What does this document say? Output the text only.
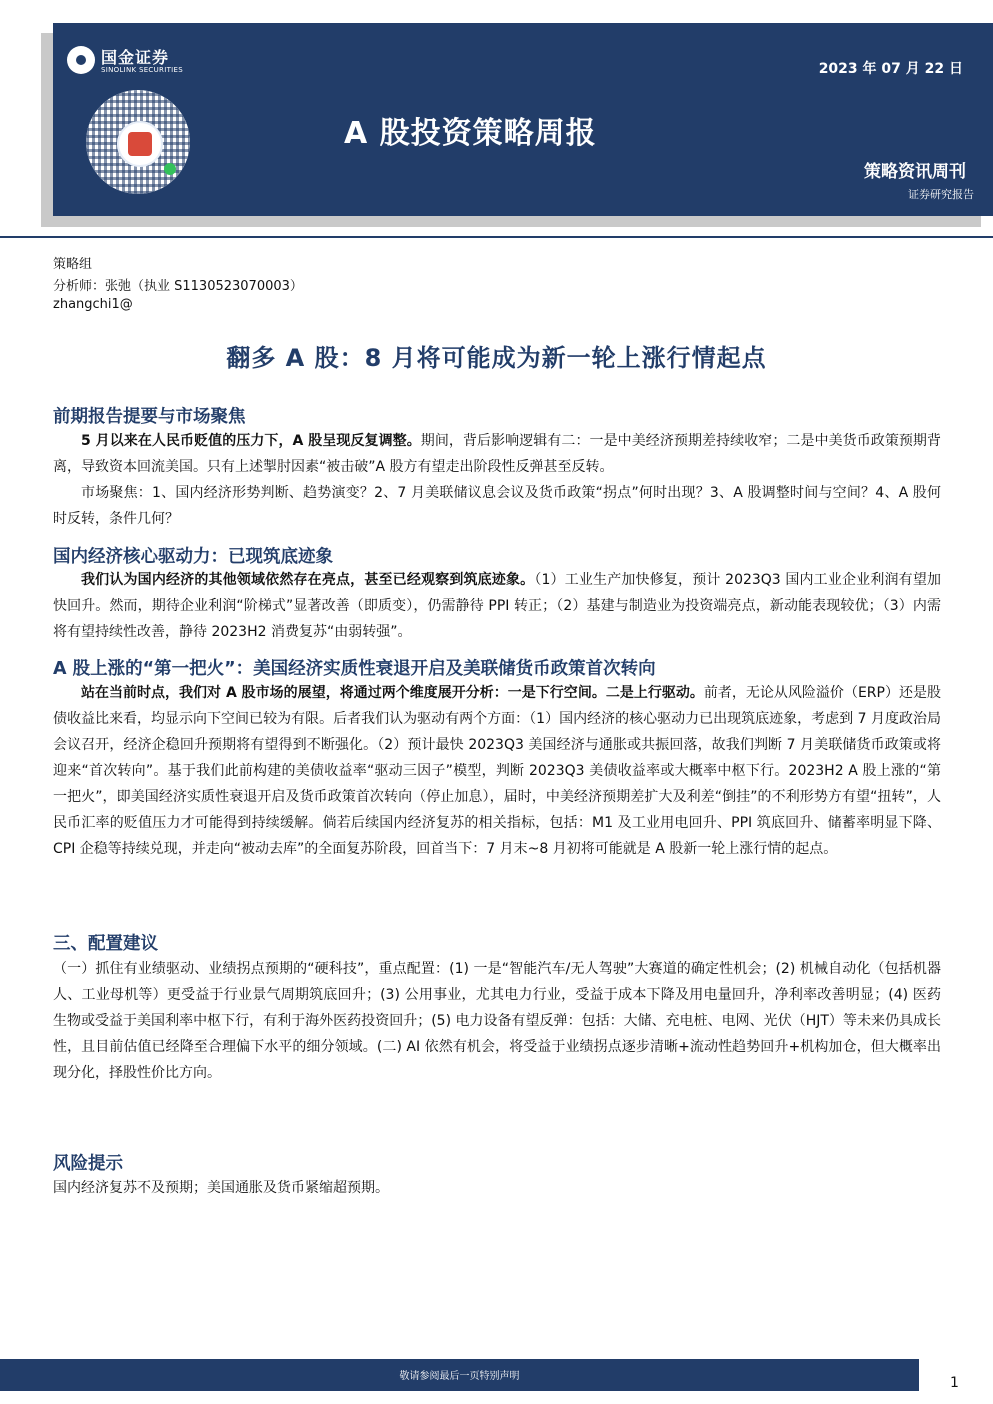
国金证券
SINOLINK SECURITIES	2023 年 07 月 22 日
A 股投资策略周报
策略资讯周刊
证券研究报告
策略组
分析师：张弛（执业 S1130523070003）
zhangchi1@
翻多 A 股：8 月将可能成为新一轮上涨行情起点
前期报告提要与市场聚焦
5 月以来在人民币贬值的压力下，A 股呈现反复调整。期间，背后影响逻辑有二：一是中美经济预期差持续收窄；二是中美货币政策预期背离，导致资本回流美国。只有上述掣肘因素“被击破”A 股方有望走出阶段性反弹甚至反转。
市场聚焦：1、国内经济形势判断、趋势演变？2、7 月美联储议息会议及货币政策“拐点”何时出现？3、A 股调整时间与空间？4、A 股何时反转，条件几何？
国内经济核心驱动力：已现筑底迹象
我们认为国内经济的其他领域依然存在亮点，甚至已经观察到筑底迹象。（1）工业生产加快修复，预计 2023Q3 国内工业企业利润有望加快回升。然而，期待企业利润“阶梯式”显著改善（即质变），仍需静待 PPI 转正；（2）基建与制造业为投资端亮点，新动能表现较优；（3）内需将有望持续性改善，静待 2023H2 消费复苏“由弱转强”。
A 股上涨的“第一把火”：美国经济实质性衰退开启及美联储货币政策首次转向
站在当前时点，我们对 A 股市场的展望，将通过两个维度展开分析：一是下行空间。二是上行驱动。前者，无论从风险溢价（ERP）还是股债收益比来看，均显示向下空间已较为有限。后者我们认为驱动有两个方面：（1）国内经济的核心驱动力已出现筑底迹象，考虑到 7 月度政治局会议召开，经济企稳回升预期将有望得到不断强化。（2）预计最快 2023Q3 美国经济与通胀或共振回落，故我们判断 7 月美联储货币政策或将迎来“首次转向”。基于我们此前构建的美债收益率“驱动三因子”模型，判断 2023Q3 美债收益率或大概率中枢下行。2023H2 A 股上涨的“第一把火”，即美国经济实质性衰退开启及货币政策首次转向（停止加息），届时，中美经济预期差扩大及利差“倒挂”的不利形势方有望“扭转”，人民币汇率的贬值压力才可能得到持续缓解。倘若后续国内经济复苏的相关指标，包括：M1 及工业用电回升、PPI 筑底回升、储蓄率明显下降、CPI 企稳等持续兑现，并走向“被动去库”的全面复苏阶段，回首当下：7 月末~8 月初将可能就是 A 股新一轮上涨行情的起点。
三、配置建议
（一）抓住有业绩驱动、业绩拐点预期的“硬科技”，重点配置：(1) 一是“智能汽车/无人驾驶”大赛道的确定性机会；(2) 机械自动化（包括机器人、工业母机等）更受益于行业景气周期筑底回升；(3) 公用事业，尤其电力行业，受益于成本下降及用电量回升，净利率改善明显；(4) 医药生物或受益于美国利率中枢下行，有利于海外医药投资回升；(5) 电力设备有望反弹：包括：大储、充电桩、电网、光伏（HJT）等未来仍具成长性，且目前估值已经降至合理偏下水平的细分领域。(二) AI 依然有机会，将受益于业绩拐点逐步清晰+流动性趋势回升+机构加仓，但大概率出现分化，择股性价比方向。
风险提示
国内经济复苏不及预期；美国通胀及货币紧缩超预期。
敬请参阅最后一页特别声明	1
